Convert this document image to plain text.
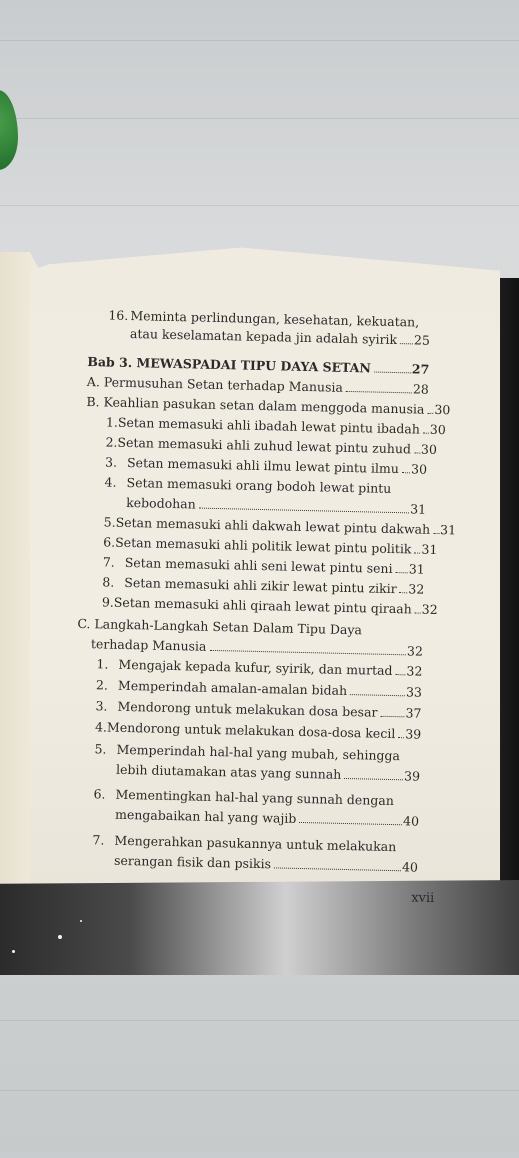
16. Meminta perlindungan, kesehatan, kekuatan,
atau keselamatan kepada jin adalah syirik 25
Bab 3. MEWASPADAI TIPU DAYA SETAN	27
A. Permusuhan Setan terhadap Manusia	28
B. Keahlian pasukan setan dalam menggoda manusia 30
1. Setan memasuki ahli ibadah lewat pintu ibadah 30
2. Setan memasuki ahli zuhud lewat pintu zuhud 30
3. Setan memasuki ahli ilmu lewat pintu ilmu 30
4. Setan memasuki orang bodoh lewat pintu
kebodohan	31
5. Setan memasuki ahli dakwah lewat pintu dakwah 31
6. Setan memasuki ahli politik lewat pintu politik 31
7. Setan memasuki ahli seni lewat pintu seni 31
8. Setan memasuki ahli zikir lewat pintu zikir 32
9. Setan memasuki ahli qiraah lewat pintu qiraah 32
C. Langkah-Langkah Setan Dalam Tipu Daya
terhadap Manusia	32
1. Mengajak kepada kufur, syirik, dan murtad 32
2. Memperindah amalan-amalan bidah	33
3. Mendorong untuk melakukan dosa besar 37
4. Mendorong untuk melakukan dosa-dosa kecil 39
5. Memperindah hal-hal yang mubah, sehingga
lebih diutamakan atas yang sunnah	39
6. Mementingkan hal-hal yang sunnah dengan
mengabaikan hal yang wajib	40
7. Mengerahkan pasukannya untuk melakukan
serangan fisik dan psikis	40
xvii
